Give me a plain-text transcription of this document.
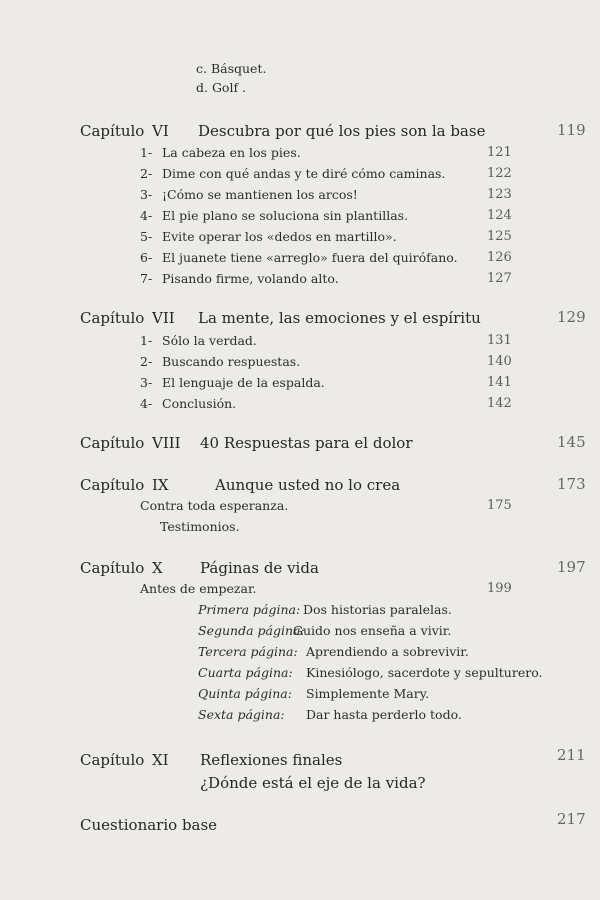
c. Básquet.
d. Golf .
Capítulo VI Descubra por qué los pies son la base	119
1- La cabeza en los pies.	121
2- Dime con qué andas y te diré cómo caminas.	122
3- ¡Cómo se mantienen los arcos!	123
4- El pie plano se soluciona sin plantillas.	124
5- Evite operar los «dedos en martillo».	125
6- El juanete tiene «arreglo» fuera del quirófano. 126
7- Pisando firme, volando alto.	127
Capítulo VII La mente, las emociones y el espíritu	129
1- Sólo la verdad.	131
2- Buscando respuestas.	140
3- El lenguaje de la espalda.	141
4- Conclusión.	142
Capítulo VIII 40 Respuestas para el dolor	145
Capítulo IX	Aunque usted no lo crea	173
Contra toda esperanza.	175
Testimonios.
Capítulo X Páginas de vida	197
Antes de empezar.	199
Primera página: Dos historias paralelas.
Segunda página:
Guido nos enseña a vivir.
Tercera página: Aprendiendo a sobrevivir.
Cuarta página: Kinesiólogo, sacerdote y sepulturero.
Quinta página: Simplemente Mary.
Sexta página: Dar hasta perderlo todo.
Capítulo XI Reflexiones finales	211
¿Dónde está el eje de la vida?
Cuestionario base	217
